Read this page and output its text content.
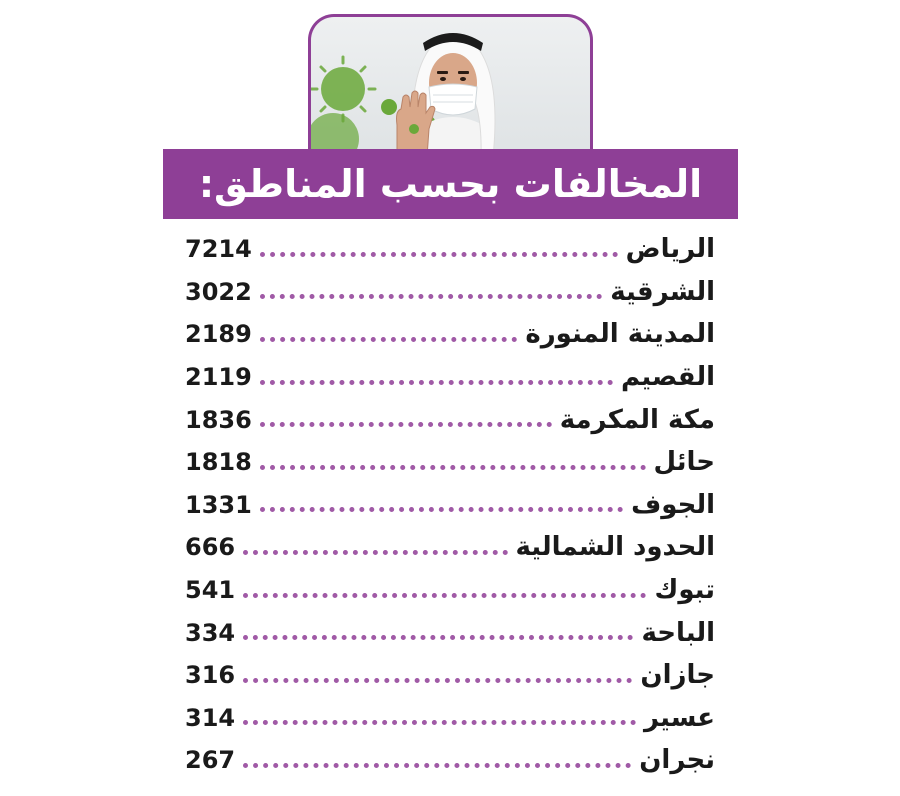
المخالفات بحسب المناطق:
الرياض
7214
الشرقية
3022
المدينة المنورة
2189
القصيم
2119
مكة المكرمة
1836
حائل
1818
الجوف
1331
الحدود الشمالية
666
تبوك
541
الباحة
334
جازان
316
عسير
314
نجران
267
